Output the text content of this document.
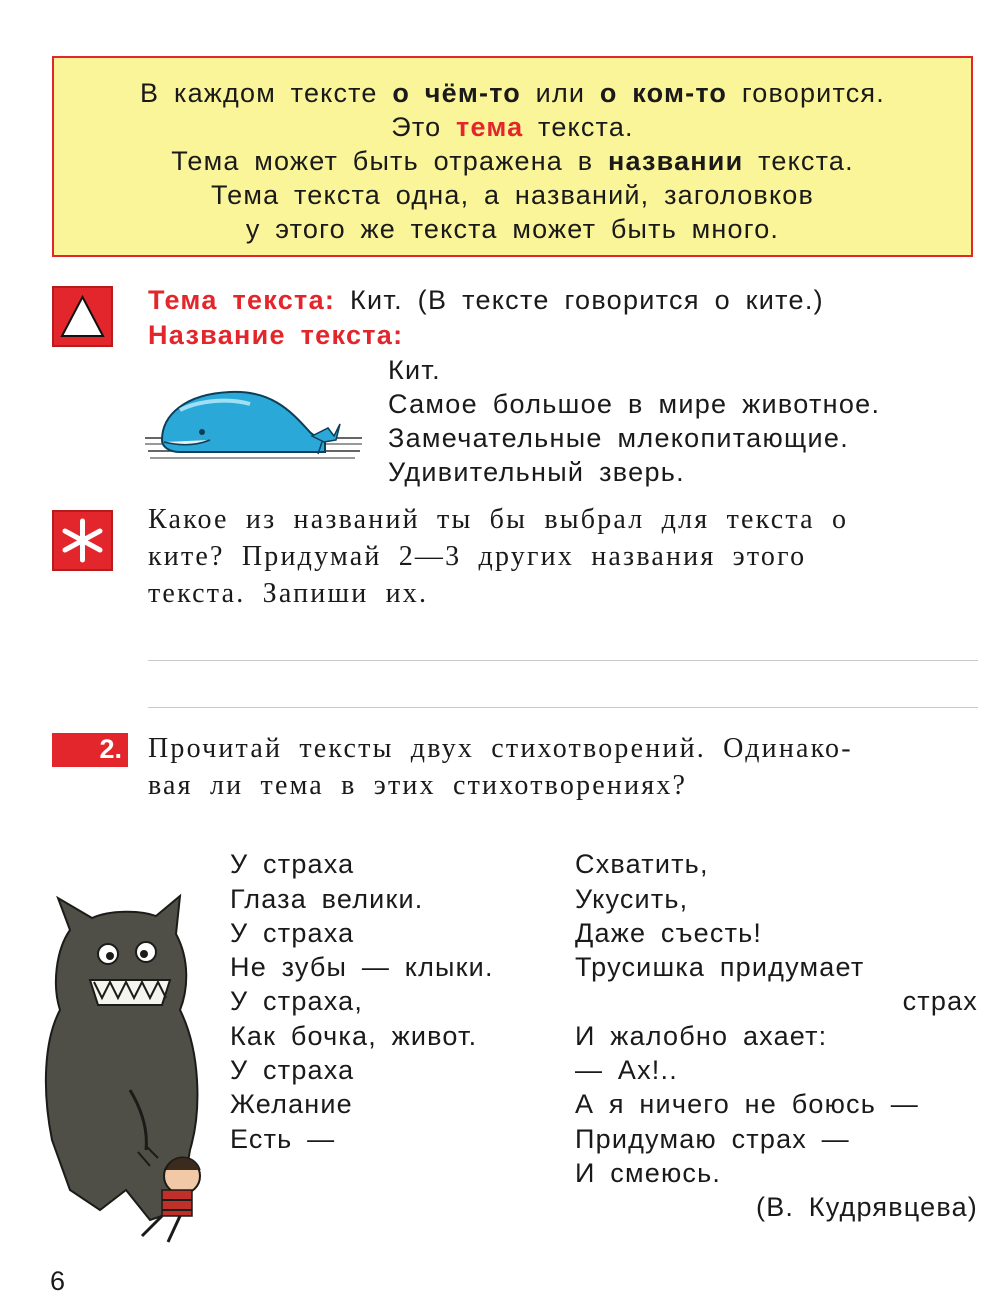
В каждом тексте о чём-то или о ком-то говорится.
Это тема текста.
Тема может быть отражена в названии текста.
Тема текста одна, а названий, заголовков
у этого же текста может быть много.
Тема текста: Кит. (В тексте говорится о ките.)
Название текста:
Кит.
Самое большое в мире животное.
Замечательные млекопитающие.
Удивительный зверь.
Какое из названий ты бы выбрал для текста о
ките? Придумай 2—3 других названия этого
текста. Запиши их.
2. Прочитай тексты двух стихотворений. Одинако-
вая ли тема в этих стихотворениях?
У страха
Глаза велики.
У страха
Не зубы — клыки.
У страха,
Как бочка, живот.
У страха
Желание
Есть —
Схватить,
Укусить,
Даже съесть!
Трусишка придумает
страх
И жалобно ахает:
— Ах!..
А я ничего не боюсь —
Придумаю страх —
И смеюсь.
(В. Кудрявцева)
6
